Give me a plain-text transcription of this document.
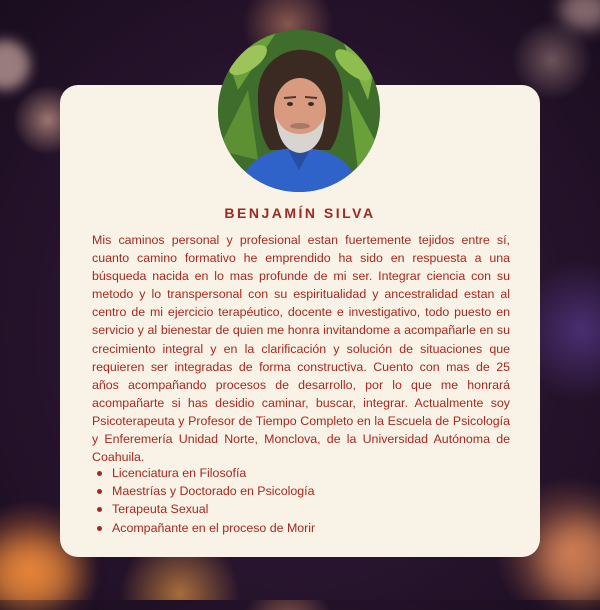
BENJAMÍN SILVA

Mis caminos personal y profesional estan fuertemente tejidos entre sí, cuanto camino formativo he emprendido ha sido en respuesta a una búsqueda nacida en lo mas profunde de mi ser. Integrar ciencia con su metodo y lo transpersonal con su espiritualidad y ancestralidad estan al centro de mi ejercicio terapéutico, docente e investigativo, todo puesto en servicio y al bienestar de quien me honra invitandome a acompañarle en su crecimiento integral y en la clarificación y solución de situaciones que requieren ser integradas de forma constructiva. Cuento con mas de 25 años acompañando procesos de desarrollo, por lo que me honrará acompañarte si has desidio caminar, buscar, integrar. Actualmente soy Psicoterapeuta y Profesor de Tiempo Completo en la Escuela de Psicología y Enferemería Unidad Norte, Monclova, de la Universidad Autónoma de Coahuila.

Licenciatura en Filosofía
Maestrías y Doctorado en Psicología
Terapeuta Sexual
Acompañante en el proceso de Morir
